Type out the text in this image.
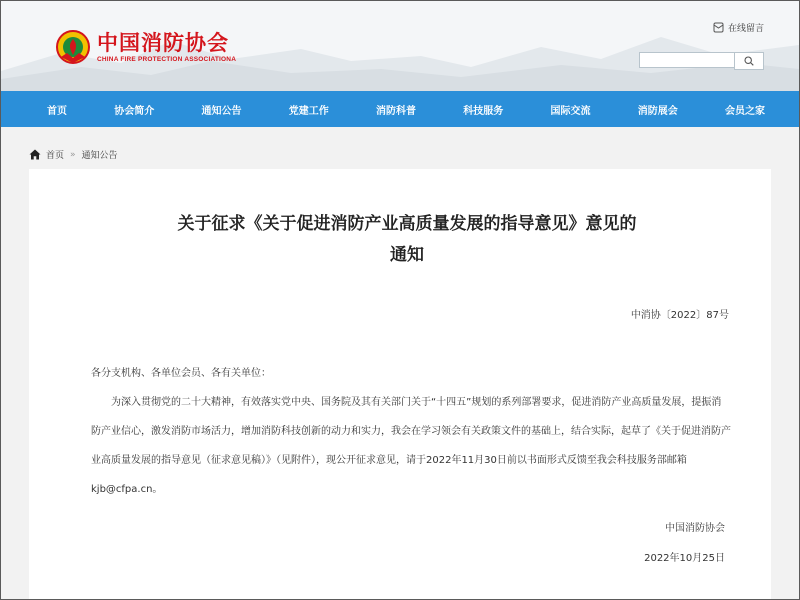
中国消防协会
CHINA FIRE PROTECTION ASSOCIATIONA
在线留言
首页	协会简介	通知公告	党建工作	消防科普	科技服务	国际交流	消防展会	会员之家
首页 » 通知公告
关于征求《关于促进消防产业高质量发展的指导意见》意见的
通知
中消协〔2022〕87号

各分支机构、各单位会员、各有关单位：

为深入贯彻党的二十大精神，有效落实党中央、国务院及其有关部门关于“十四五”规划的系列部署要求，促进消防产业高质量发展，提振消防产业信心，激发消防市场活力，增加消防科技创新的动力和实力，我会在学习领会有关政策文件的基础上，结合实际，起草了《关于促进消防产业高质量发展的指导意见（征求意见稿）》（见附件），现公开征求意见，请于2022年11月30日前以书面形式反馈至我会科技服务部邮箱kjb@cfpa.cn。

中国消防协会
2022年10月25日
